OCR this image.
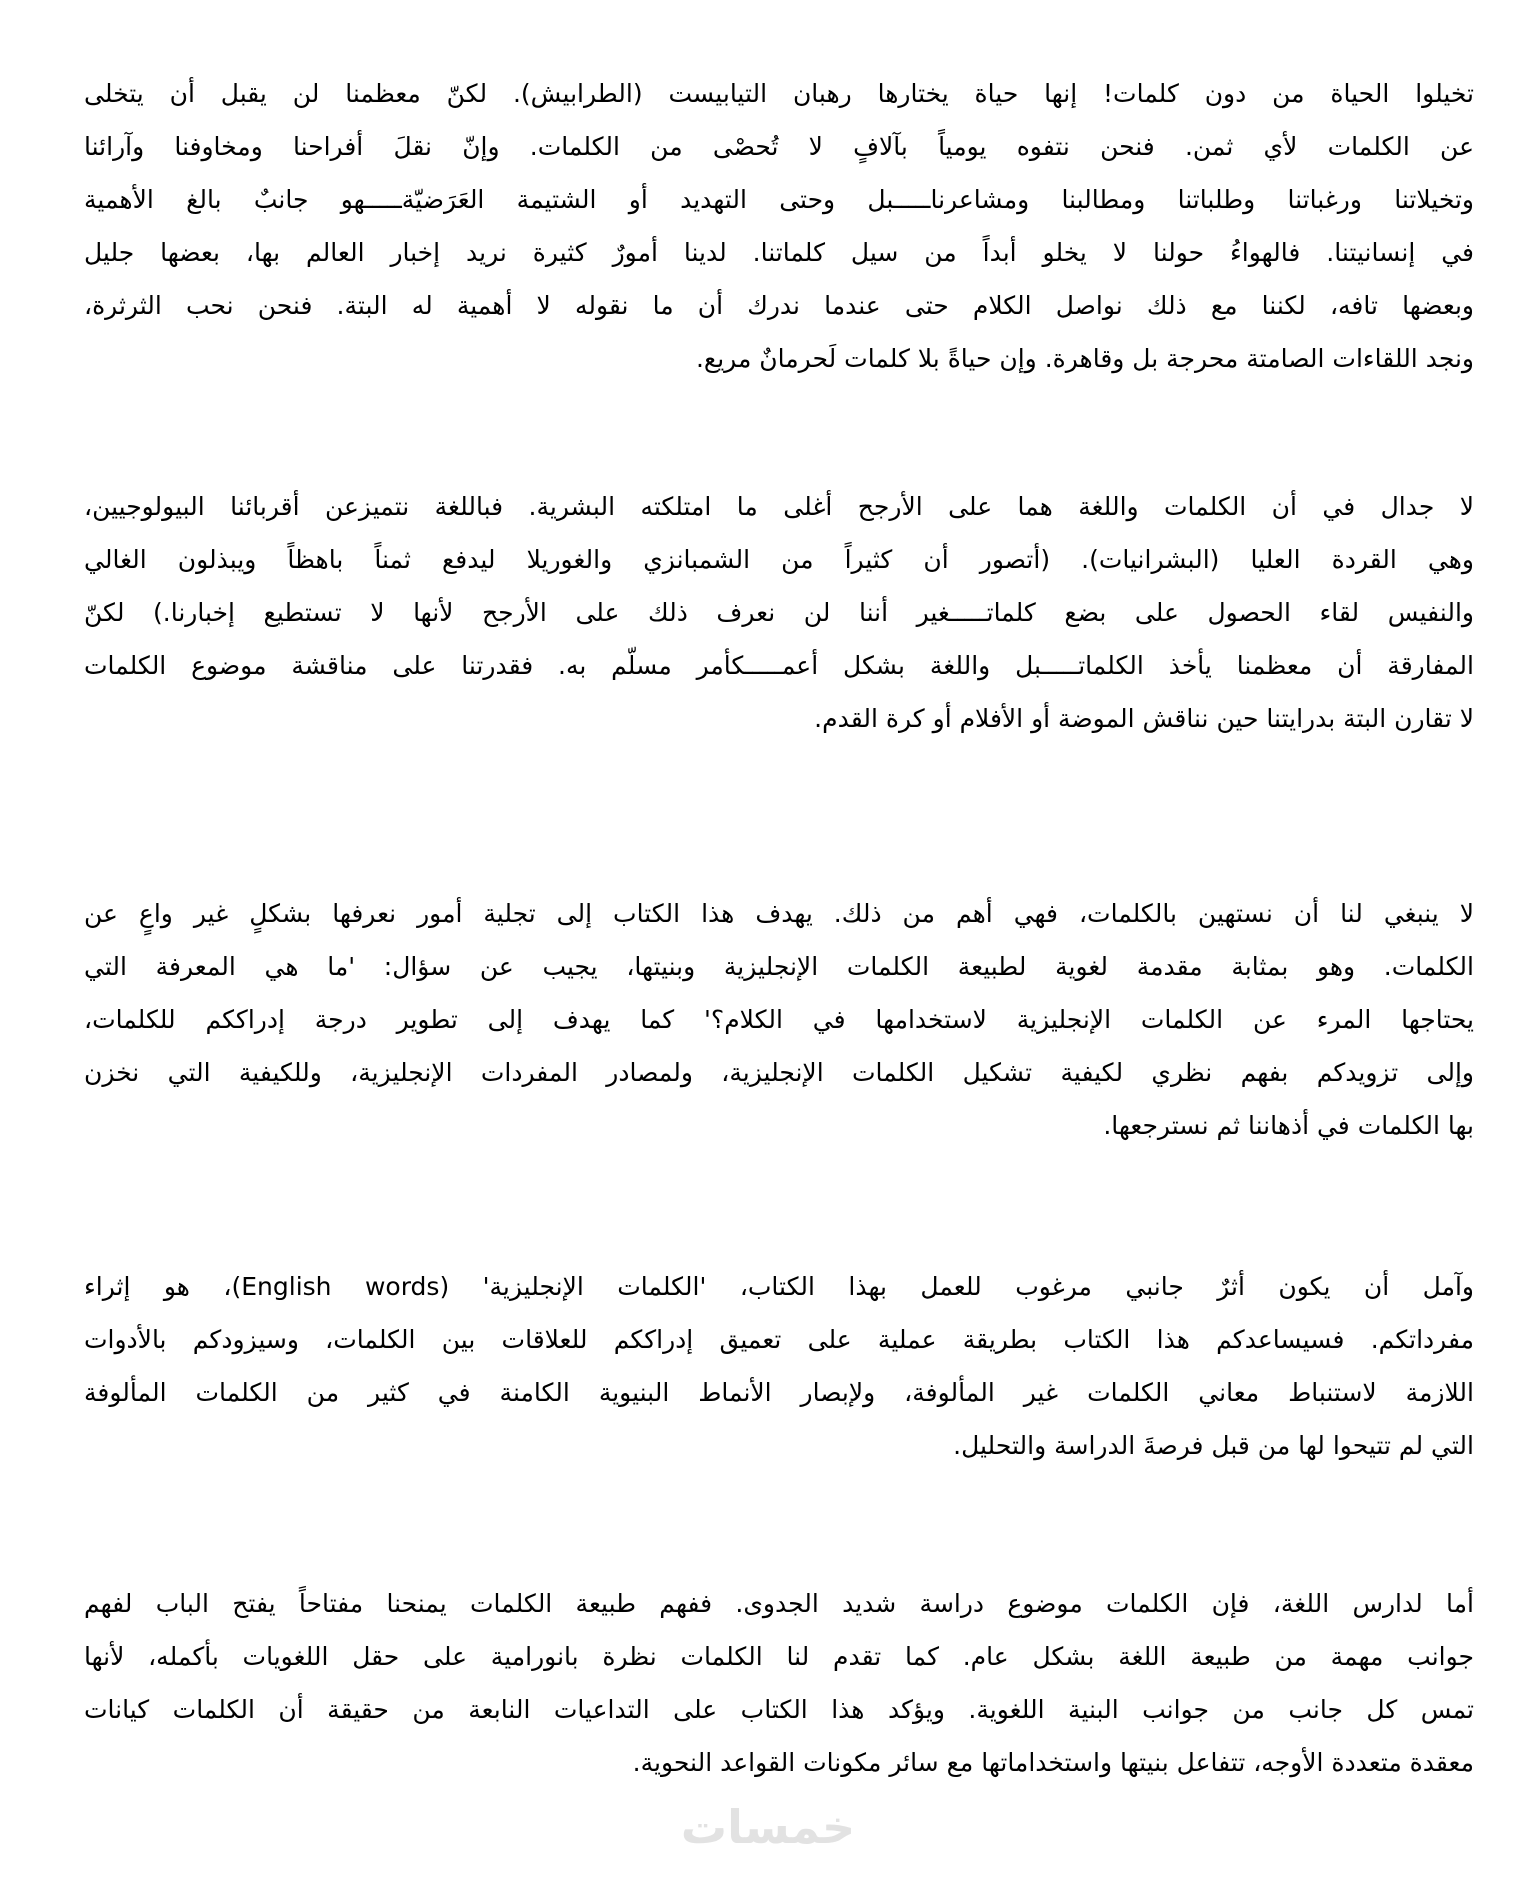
تخيلوا الحياة من دون كلمات! إنها حياة يختارها رهبان التيابيست (الطرابيش). لكنّ معظمنا لن يقبل أن يتخلى
عن الكلمات لأي ثمن. فنحن نتفوه يومياً بآلافٍ لا تُحصْى من الكلمات. وإنّ نقلَ أفراحنا ومخاوفنا وآرائنا
وتخيلاتنا ورغباتنا وطلباتنا ومطالبنا ومشاعرناـــــبل وحتى التهديد أو الشتيمة العَرَضيّةـــــهو جانبٌ بالغ الأهمية
في إنسانيتنا. فالهواءُ حولنا لا يخلو أبداً من سيل كلماتنا. لدينا أمورٌ كثيرة نريد إخبار العالم بها، بعضها جليل
وبعضها تافه، لكننا مع ذلك نواصل الكلام حتى عندما ندرك أن ما نقوله لا أهمية له البتة. فنحن نحب الثرثرة،
ونجد اللقاءات الصامتة محرجة بل وقاهرة. وإن حياةً بلا كلمات لَحرمانٌ مريع.
لا جدال في أن الكلمات واللغة هما على الأرجح أغلى ما امتلكته البشرية. فباللغة نتميزعن أقربائنا البيولوجيين،
وهي القردة العليا (البشرانيات). (أتصور أن كثيراً من الشمبانزي والغوريلا ليدفع ثمناً باهظاً ويبذلون الغالي
والنفيس لقاء الحصول على بضع كلماتـــــغير أننا لن نعرف ذلك على الأرجح لأنها لا تستطيع إخبارنا.) لكنّ
المفارقة أن معظمنا يأخذ الكلماتـــــبل واللغة بشكل أعمـــــكأمر مسلّم به. فقدرتنا على مناقشة موضوع الكلمات
لا تقارن البتة بدرايتنا حين نناقش الموضة أو الأفلام أو كرة القدم.
لا ينبغي لنا أن نستهين بالكلمات، فهي أهم من ذلك. يهدف هذا الكتاب إلى تجلية أمور نعرفها بشكلٍ غير واعٍ عن
الكلمات. وهو بمثابة مقدمة لغوية لطبيعة الكلمات الإنجليزية وبنيتها، يجيب عن سؤال: 'ما هي المعرفة التي
يحتاجها المرء عن الكلمات الإنجليزية لاستخدامها في الكلام؟' كما يهدف إلى تطوير درجة إدراككم للكلمات،
وإلى تزويدكم بفهم نظري لكيفية تشكيل الكلمات الإنجليزية، ولمصادر المفردات الإنجليزية، وللكيفية التي نخزن
بها الكلمات في أذهاننا ثم نسترجعها.
وآمل أن يكون أثرٌ جانبي مرغوب للعمل بهذا الكتاب، 'الكلمات الإنجليزية' (English words)، هو إثراء
مفرداتكم. فسيساعدكم هذا الكتاب بطريقة عملية على تعميق إدراككم للعلاقات بين الكلمات، وسيزودكم بالأدوات
اللازمة لاستنباط معاني الكلمات غير المألوفة، ولإبصار الأنماط البنيوية الكامنة في كثير من الكلمات المألوفة
التي لم تتيحوا لها من قبل فرصةَ الدراسة والتحليل.
أما لدارس اللغة، فإن الكلمات موضوع دراسة شديد الجدوى. ففهم طبيعة الكلمات يمنحنا مفتاحاً يفتح الباب لفهم
جوانب مهمة من طبيعة اللغة بشكل عام. كما تقدم لنا الكلمات نظرة بانورامية على حقل اللغويات بأكمله، لأنها
تمس كل جانب من جوانب البنية اللغوية. ويؤكد هذا الكتاب على التداعيات النابعة من حقيقة أن الكلمات كيانات
معقدة متعددة الأوجه، تتفاعل بنيتها واستخداماتها مع سائر مكونات القواعد النحوية.
خمسات
